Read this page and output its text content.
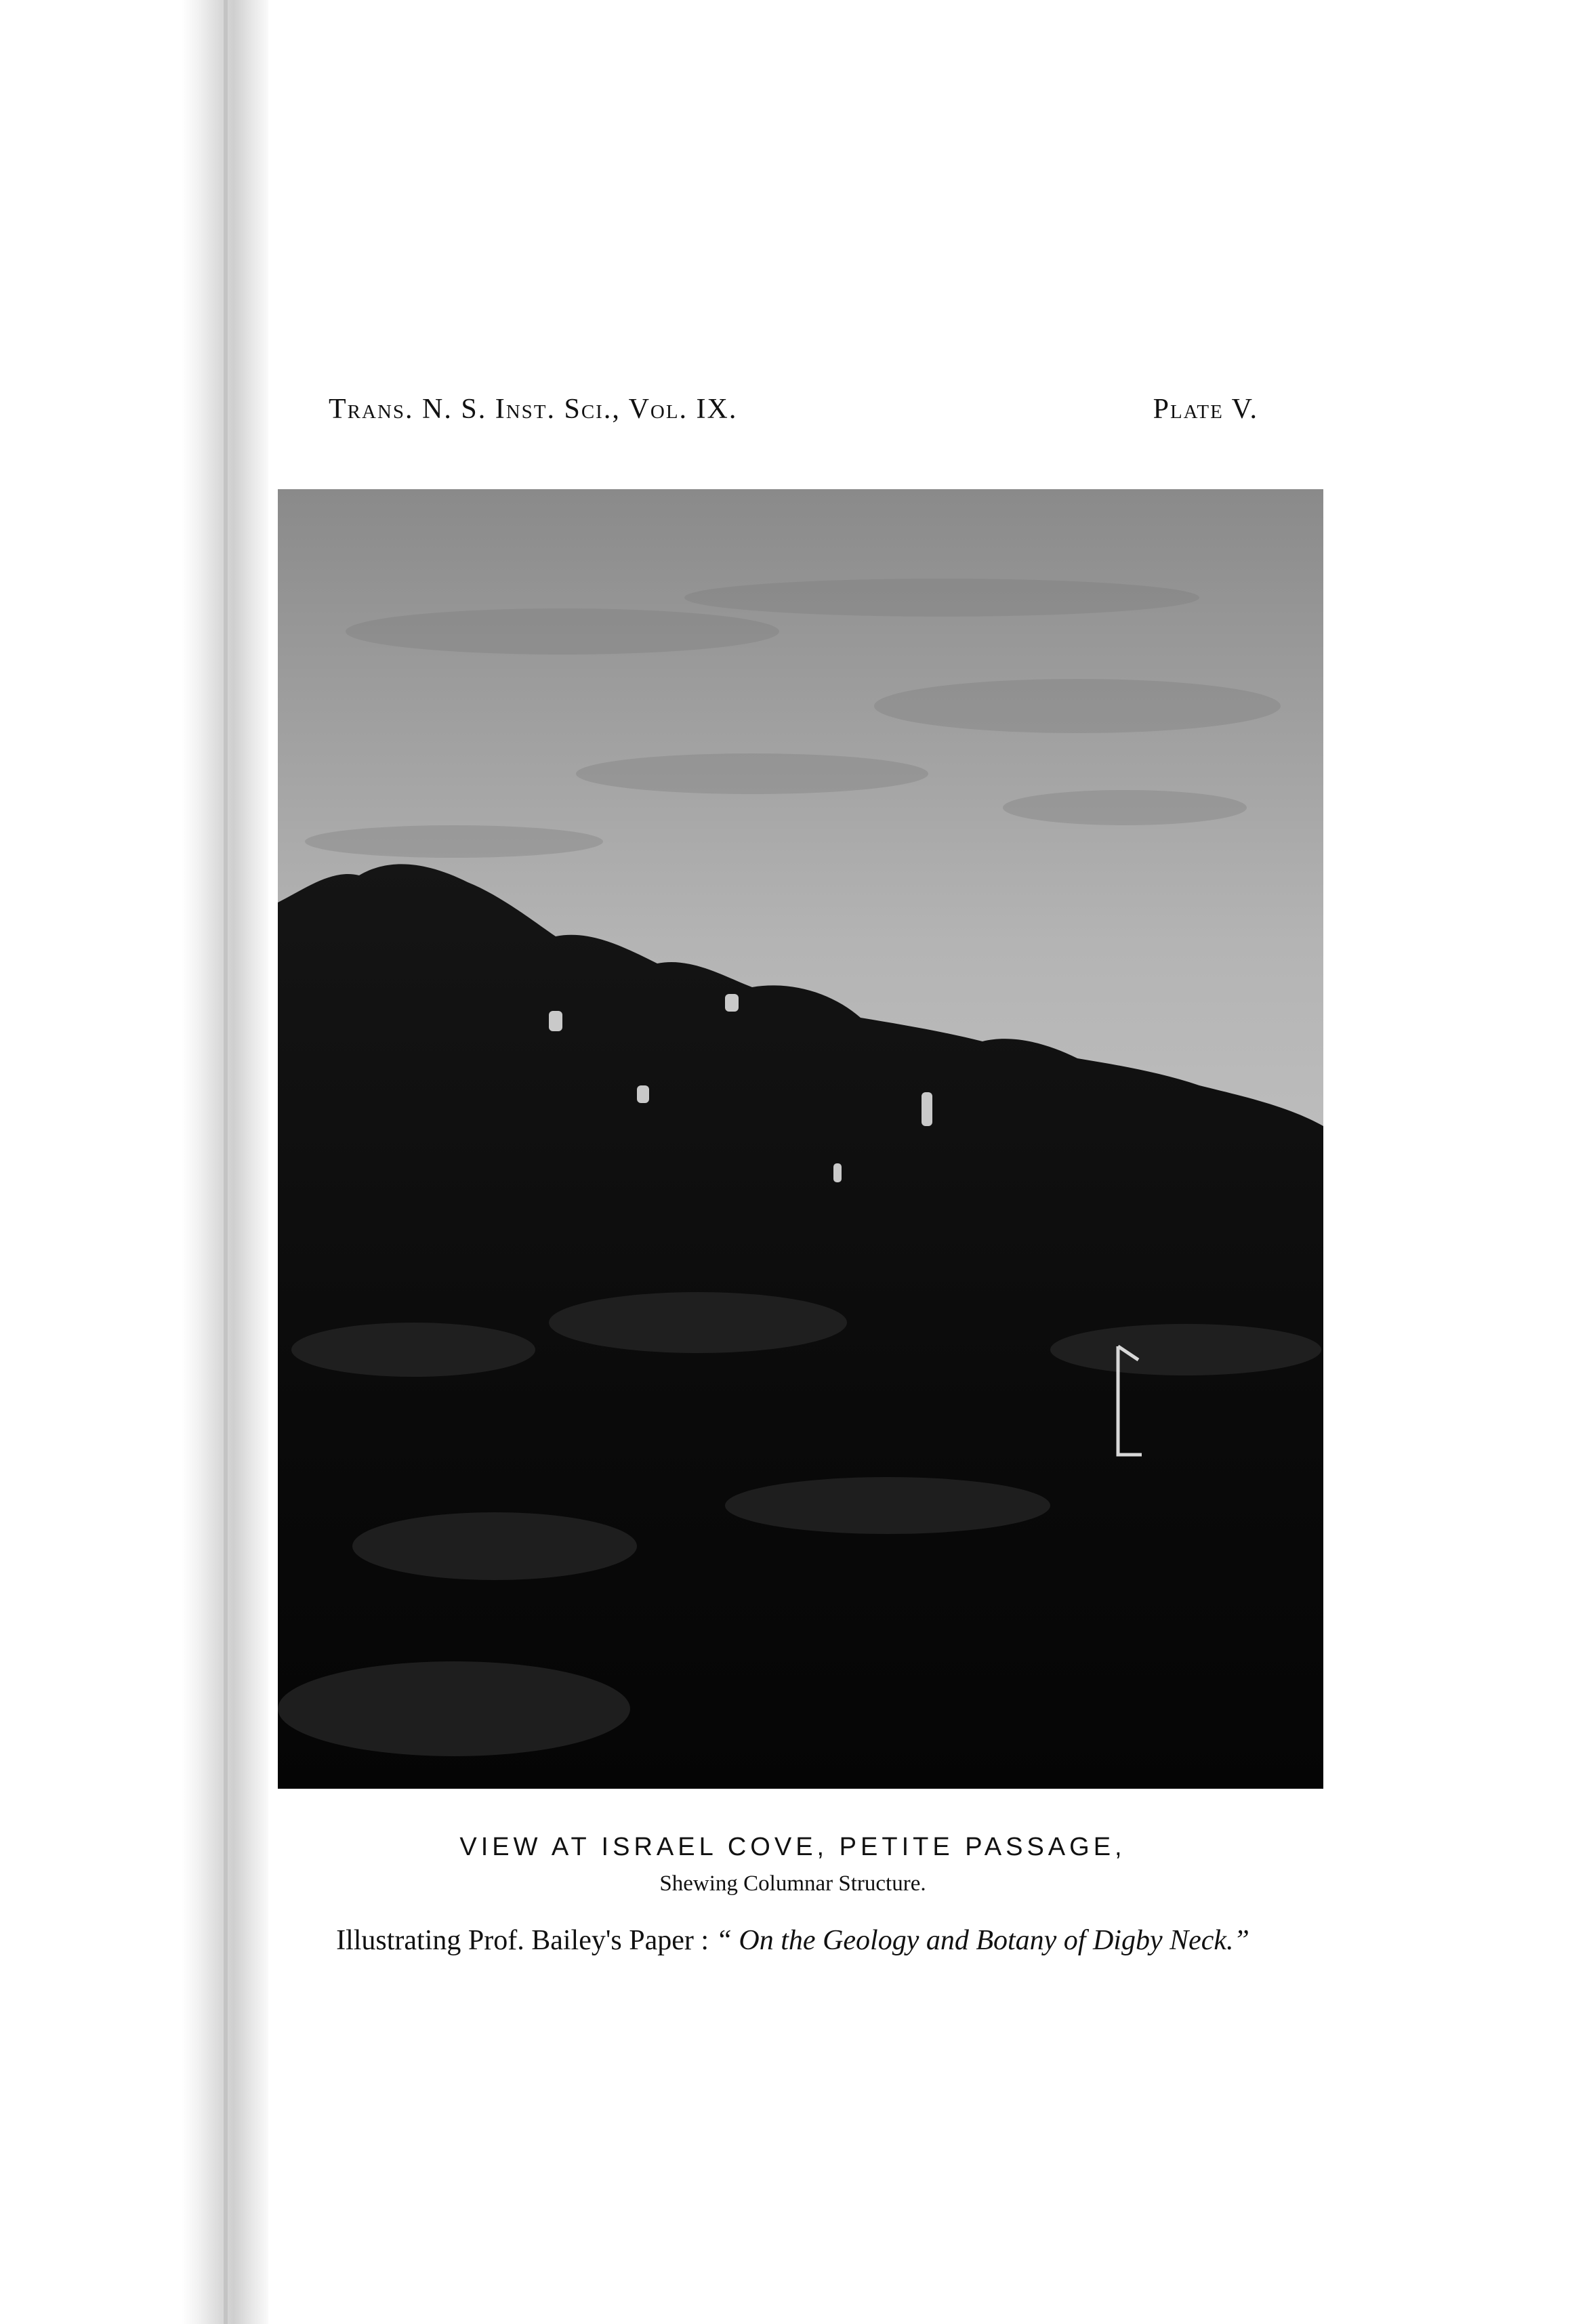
Trans. N. S. Inst. Sci., Vol. IX.	Plate V.
VIEW AT ISRAEL COVE, PETITE PASSAGE,
Shewing Columnar Structure.
Illustrating Prof. Bailey's Paper : “ On the Geology and Botany of Digby Neck.”
